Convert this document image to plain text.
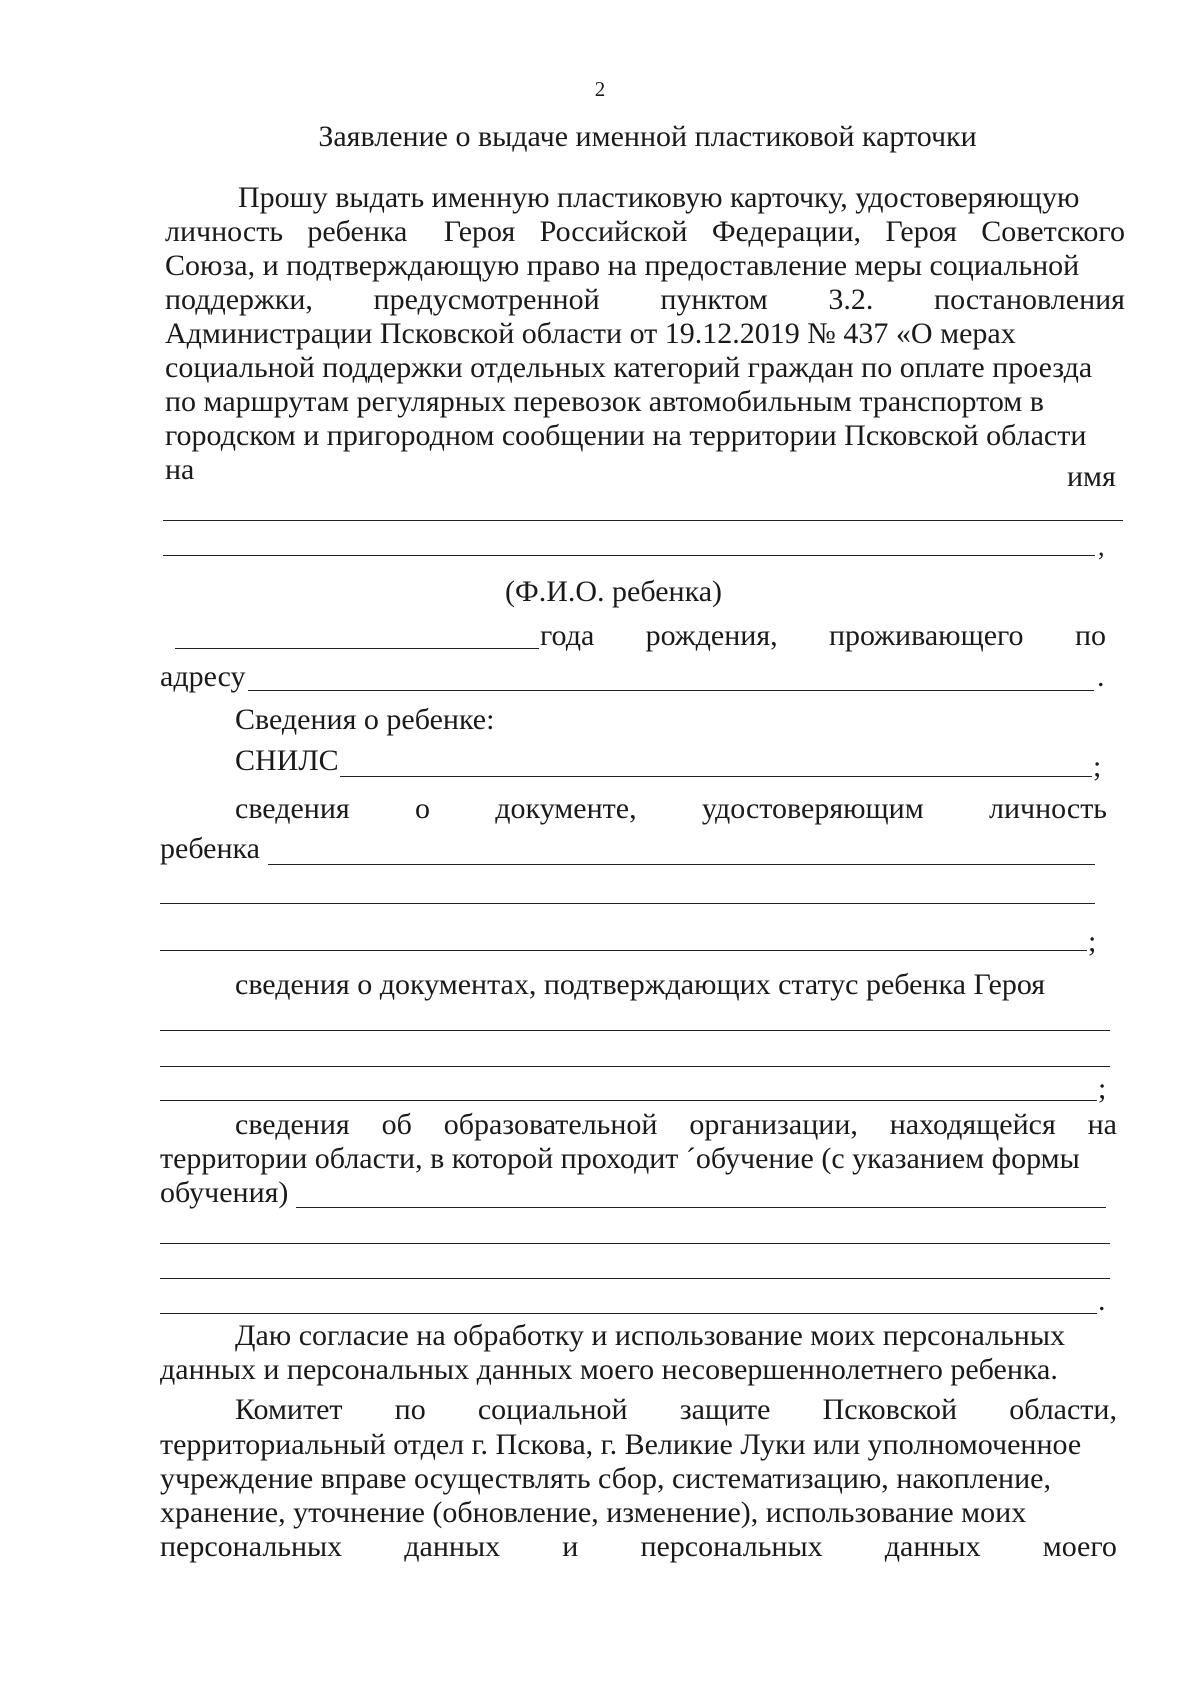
2
Заявление о выдаче именной пластиковой карточки
Прошу выдать именную пластиковую карточку, удостоверяющую
личность ребенка Героя Российской Федерации, Героя Советского
Союза, и подтверждающую право на предоставление меры социальной
поддержки, предусмотренной пунктом 3.2. постановления
Администрации Псковской области от 19.12.2019 № 437 «О мерах
социальной поддержки отдельных категорий граждан по оплате проезда
по маршрутам регулярных перевозок автомобильным транспортом в
городском и пригородном сообщении на территории Псковской области
на	имя
,
(Ф.И.О. ребенка)
года рождения, проживающего по
адресу	.
Сведения о ребенке:
СНИЛС	;
сведения о документе, удостоверяющим личность
ребенка
;
сведения о документах, подтверждающих статус ребенка Героя
;
сведения об образовательной организации, находящейся на
территории области, в которой проходит ´обучение (с указанием формы
обучения)
.
Даю согласие на обработку и использование моих персональных
данных и персональных данных моего несовершеннолетнего ребенка.
Комитет по социальной защите Псковской области,
территориальный отдел г. Пскова, г. Великие Луки или уполномоченное
учреждение вправе осуществлять сбор, систематизацию, накопление,
хранение, уточнение (обновление, изменение), использование моих
персональных данных и персональных данных моего
